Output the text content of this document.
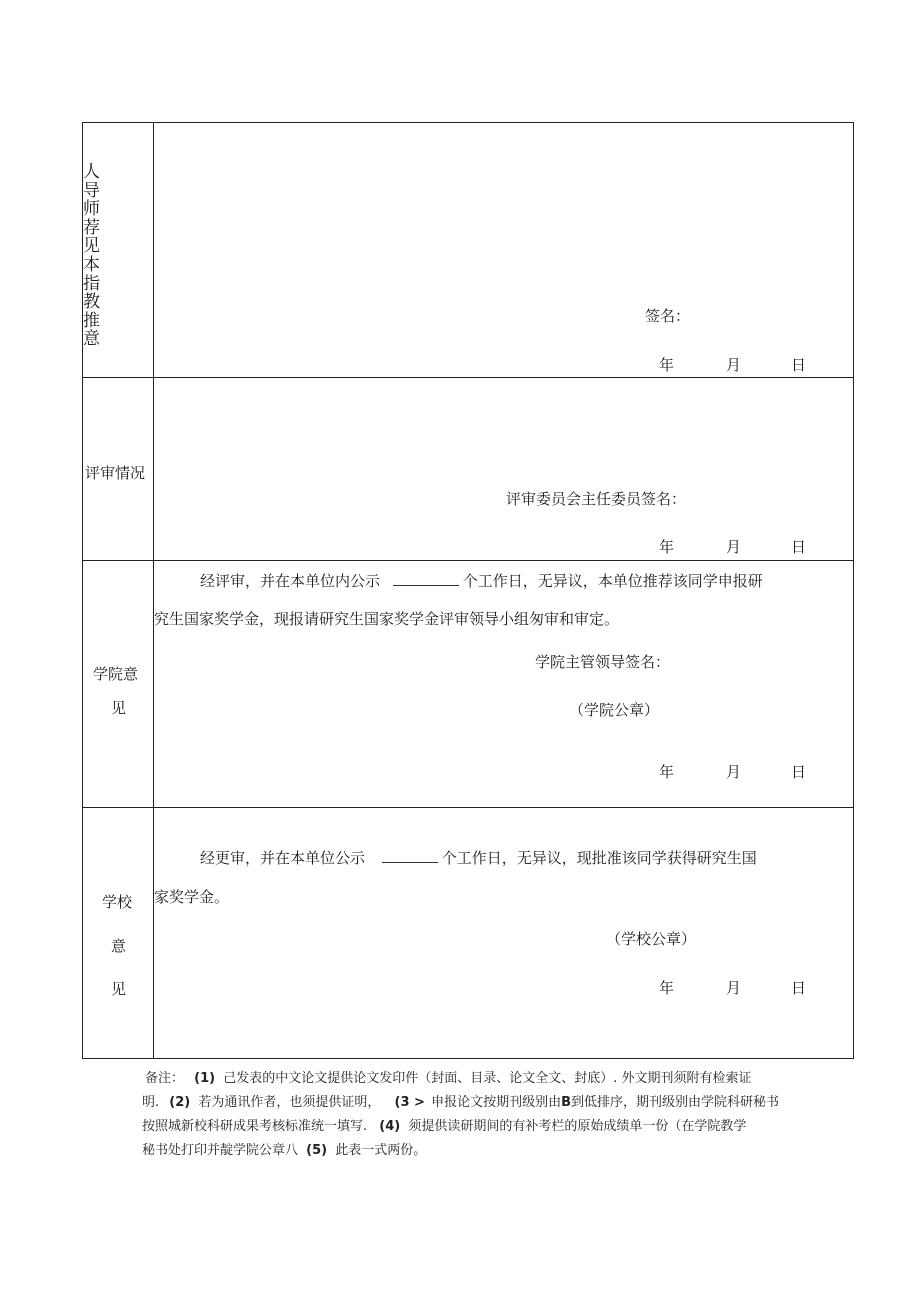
人
导
师
荐
见
本
指
教
推
意
签名：
年	月	日
评审情况
评审委员会主任委员签名：
年	月	日
学院意
见
经评审，并在本单位内公示	个工作日，无异议，本单位推荐该同学申报研
究生国家奖学金，现报请研究生国家奖学金评审领导小组匆审和审定。
学院主管领导签名：
（学院公章）
年	月	日
学校
意
见
经更审，并在本单位公示	个工作日，无异议，现批准该同学获得研究生国
家奖学金。
（学校公章）
年	月	日

备注： (1) 己发表的中文论文提供论文发印件（封面、目录、论文全文、封底）. 外文期刊须附有检索证

明. (2) 若为通讯作者，也须提供证明， (3 > 申报论文按期刊级别由B到低排序，期刊级别由学院科研秘书

按照城新校科研成果考核标准统一填写. (4) 须提供读研期间的有补考栏的原始成绩单一份（在学院教学

秘书处打印并靛学院公章八 (5) 此表一式两份。
